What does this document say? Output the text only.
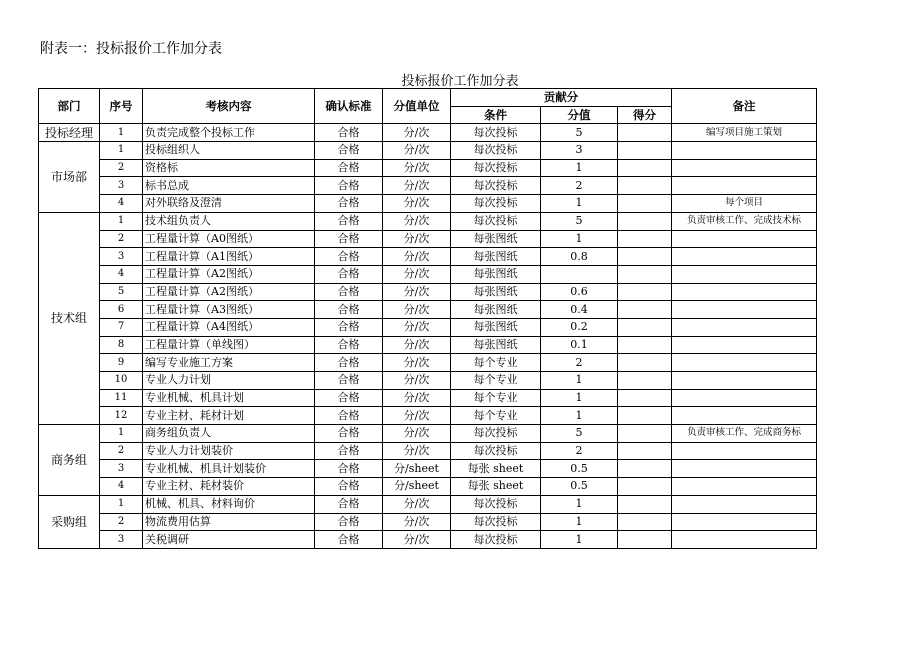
附表一：投标报价工作加分表
投标报价工作加分表
部门	序号	考核内容	确认标准	分值单位	贡献分			备注
					条件	分值	得分	
投标经理	1	负责完成整个投标工作	合格	分/次	每次投标	5		编写项目施工策划
市场部	1	投标组织人	合格	分/次	每次投标	3		
	2	资格标	合格	分/次	每次投标	1		
	3	标书总成	合格	分/次	每次投标	2		
	4	对外联络及澄清	合格	分/次	每次投标	1		每个项目
技术组	1	技术组负责人	合格	分/次	每次投标	5		负责审核工作、完成技术标
	2	工程量计算（A0图纸）	合格	分/次	每张图纸	1		
	3	工程量计算（A1图纸）	合格	分/次	每张图纸	0.8		
	4	工程量计算（A2图纸）	合格	分/次	每张图纸			
	5	工程量计算（A2图纸）	合格	分/次	每张图纸	0.6		
	6	工程量计算（A3图纸）	合格	分/次	每张图纸	0.4		
	7	工程量计算（A4图纸）	合格	分/次	每张图纸	0.2		
	8	工程量计算（单线图）	合格	分/次	每张图纸	0.1		
	9	编写专业施工方案	合格	分/次	每个专业	2		
	10	专业人力计划	合格	分/次	每个专业	1		
	11	专业机械、机具计划	合格	分/次	每个专业	1		
	12	专业主材、耗材计划	合格	分/次	每个专业	1		
商务组	1	商务组负责人	合格	分/次	每次投标	5		负责审核工作、完成商务标
	2	专业人力计划装价	合格	分/次	每次投标	2		
	3	专业机械、机具计划装价	合格	分/sheet	每张 sheet	0.5		
	4	专业主材、耗材装价	合格	分/sheet	每张 sheet	0.5		
采购组	1	机械、机具、材料询价	合格	分/次	每次投标	1		
	2	物流费用估算	合格	分/次	每次投标	1		
	3	关税调研	合格	分/次	每次投标	1		
